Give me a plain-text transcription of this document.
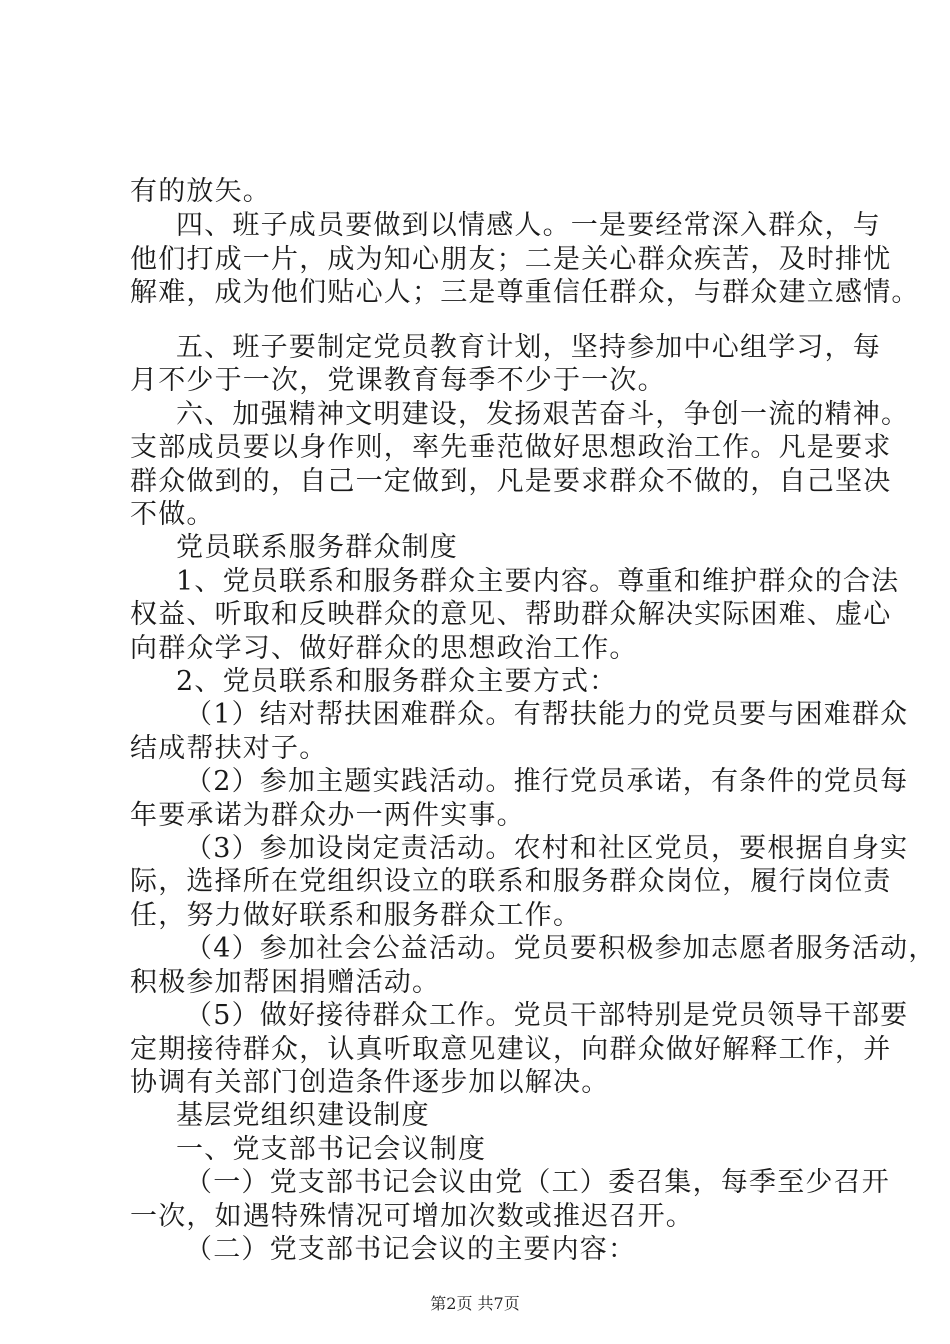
有的放矢。
四、班子成员要做到以情感人。一是要经常深入群众，与
他们打成一片，成为知心朋友；二是关心群众疾苦，及时排忧
解难，成为他们贴心人；三是尊重信任群众，与群众建立感情。
五、班子要制定党员教育计划，坚持参加中心组学习，每
月不少于一次，党课教育每季不少于一次。
六、加强精神文明建设，发扬艰苦奋斗，争创一流的精神。
支部成员要以身作则，率先垂范做好思想政治工作。凡是要求
群众做到的，自己一定做到，凡是要求群众不做的，自己坚决
不做。
党员联系服务群众制度
1、党员联系和服务群众主要内容。尊重和维护群众的合法
权益、听取和反映群众的意见、帮助群众解决实际困难、虚心
向群众学习、做好群众的思想政治工作。
2、党员联系和服务群众主要方式：
（1）结对帮扶困难群众。有帮扶能力的党员要与困难群众
结成帮扶对子。
（2）参加主题实践活动。推行党员承诺，有条件的党员每
年要承诺为群众办一两件实事。
（3）参加设岗定责活动。农村和社区党员，要根据自身实
际，选择所在党组织设立的联系和服务群众岗位，履行岗位责
任，努力做好联系和服务群众工作。
（4）参加社会公益活动。党员要积极参加志愿者服务活动，
积极参加帮困捐赠活动。
（5）做好接待群众工作。党员干部特别是党员领导干部要
定期接待群众，认真听取意见建议，向群众做好解释工作，并
协调有关部门创造条件逐步加以解决。
基层党组织建设制度
一、党支部书记会议制度
（一）党支部书记会议由党（工）委召集，每季至少召开
一次，如遇特殊情况可增加次数或推迟召开。
（二）党支部书记会议的主要内容：
第2页 共7页
